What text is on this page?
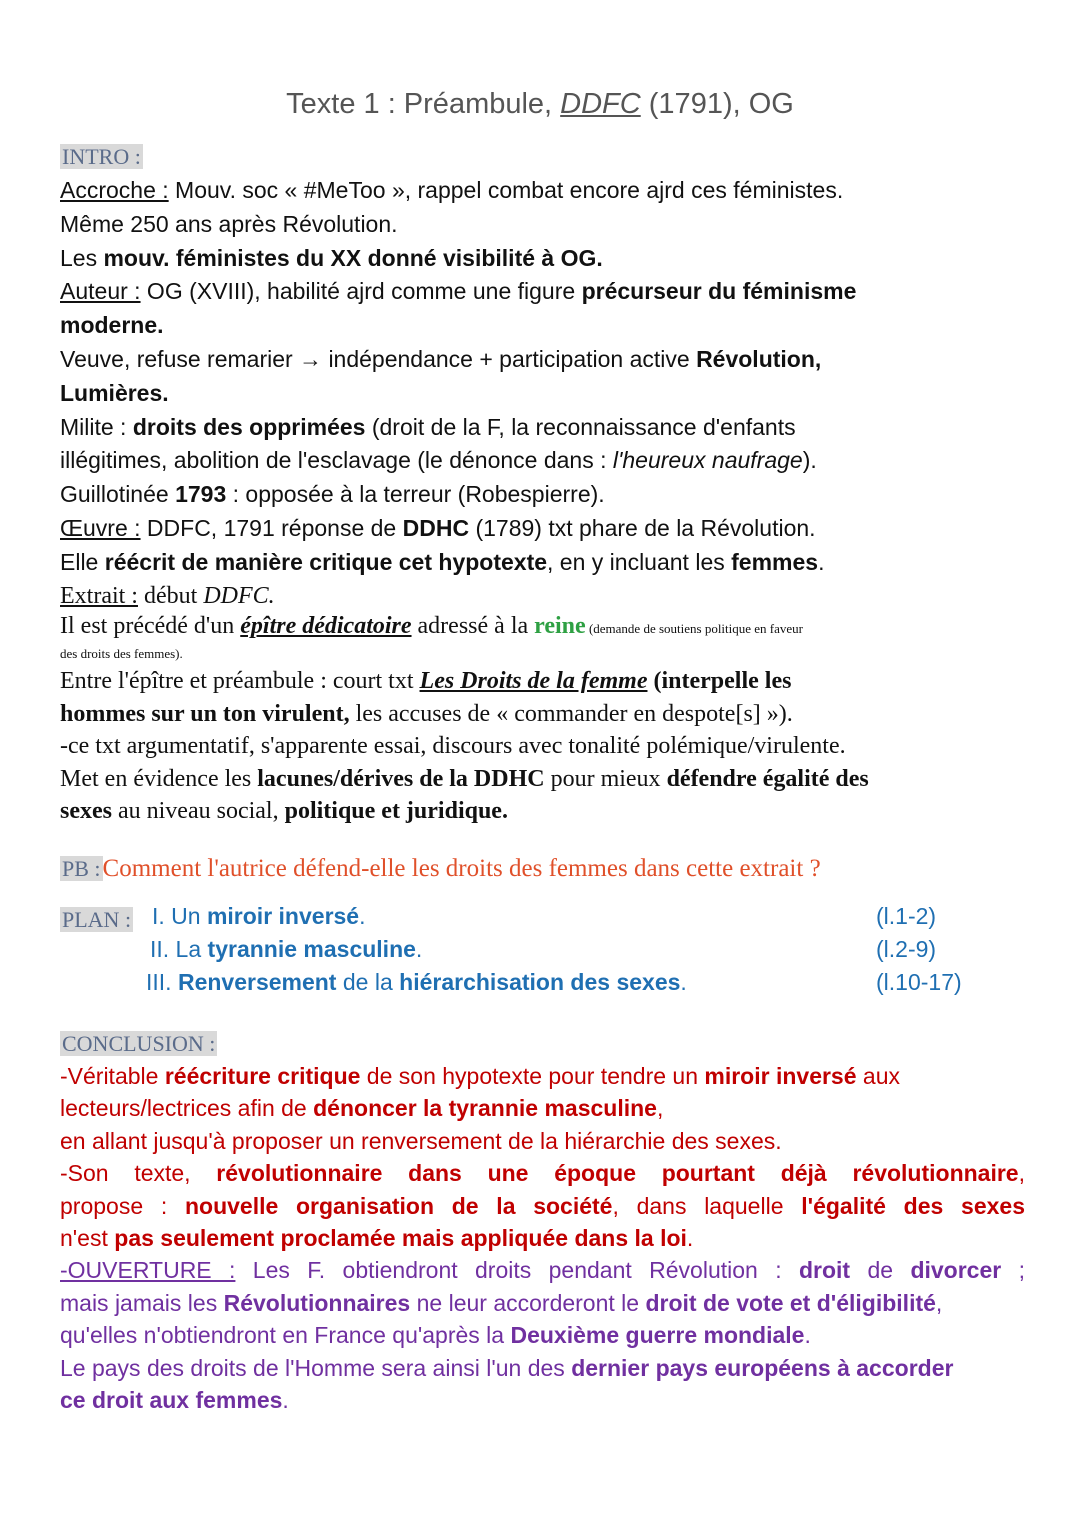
Texte 1 : Préambule, DDFC (1791), OG
INTRO :
Accroche : Mouv. soc « #MeToo », rappel combat encore ajrd ces féministes.
Même 250 ans après Révolution.
Les mouv. féministes du XX donné visibilité à OG.
Auteur : OG (XVIII), habilité ajrd comme une figure précurseur du féminisme
moderne.
Veuve, refuse remarier → indépendance + participation active Révolution,
Lumières.
Milite : droits des opprimées (droit de la F, la reconnaissance d'enfants
illégitimes, abolition de l'esclavage (le dénonce dans : l'heureux naufrage).
Guillotinée 1793 : opposée à la terreur (Robespierre).
Œuvre : DDFC, 1791 réponse de DDHC (1789) txt phare de la Révolution.
Elle réécrit de manière critique cet hypotexte, en y incluant les femmes.
Extrait : début DDFC.
Il est précédé d'un épître dédicatoire adressé à la reine (demande de soutiens politique en faveur
des droits des femmes).
Entre l'épître et préambule : court txt Les Droits de la femme (interpelle les
hommes sur un ton virulent, les accuses de « commander en despote[s] »).
-ce txt argumentatif, s'apparente essai, discours avec tonalité polémique/virulente.
Met en évidence les lacunes/dérives de la DDHC pour mieux défendre égalité des
sexes au niveau social, politique et juridique.
PB :Comment l'autrice défend-elle les droits des femmes dans cette extrait ?
PLAN : I. Un miroir inversé.	(l.1-2)
II. La tyrannie masculine.	(l.2-9)
III. Renversement de la hiérarchisation des sexes.	(l.10-17)
CONCLUSION :
-Véritable réécriture critique de son hypotexte pour tendre un miroir inversé aux
lecteurs/lectrices afin de dénoncer la tyrannie masculine,
en allant jusqu'à proposer un renversement de la hiérarchie des sexes.
-Son texte, révolutionnaire dans une époque pourtant déjà révolutionnaire,
propose : nouvelle organisation de la société, dans laquelle l'égalité des sexes
n'est pas seulement proclamée mais appliquée dans la loi.
-OUVERTURE : Les F. obtiendront droits pendant Révolution : droit de divorcer ;
mais jamais les Révolutionnaires ne leur accorderont le droit de vote et d'éligibilité,
qu'elles n'obtiendront en France qu'après la Deuxième guerre mondiale.
Le pays des droits de l'Homme sera ainsi l'un des dernier pays européens à accorder
ce droit aux femmes.
